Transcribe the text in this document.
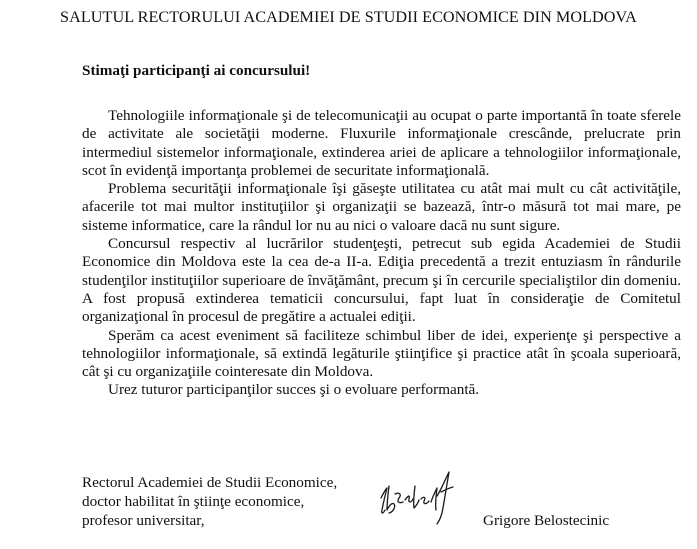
SALUTUL RECTORULUI ACADEMIEI DE STUDII ECONOMICE DIN MOLDOVA
Stimaţi participanţi ai concursului!

Tehnologiile informaţionale şi de telecomunicaţii au ocupat o parte importantă în toate sferele de activitate ale societăţii moderne. Fluxurile informaţionale crescânde, prelucrate prin intermediul sistemelor informaţionale, extinderea ariei de aplicare a tehnologiilor informaţionale, scot în evidenţă importanţa problemei de securitate informaţională.

Problema securităţii informaţionale îşi găseşte utilitatea cu atât mai mult cu cât activităţile, afacerile tot mai multor instituţiilor şi organizaţii se bazează, într-o măsură tot mai mare, pe sisteme informatice, care la rândul lor nu au nici o valoare dacă nu sunt sigure.

Concursul respectiv al lucrărilor studenţeşti, petrecut sub egida Academiei de Studii Economice din Moldova este la cea de-a II-a. Ediţia precedentă a trezit entuziasm în rândurile studenţilor instituţiilor superioare de învăţământ, precum şi în cercurile specialiştilor din domeniu. A fost propusă extinderea tematicii concursului, fapt luat în consideraţie de Comitetul organizaţional în procesul de pregătire a actualei ediţii.

Sperăm ca acest eveniment să faciliteze schimbul liber de idei, experienţe şi perspective a tehnologiilor informaţionale, să extindă legăturile ştiinţifice şi practice atât în şcoala superioară, cât şi cu organizaţiile cointeresate din Moldova.

Urez tuturor participanţilor succes şi o evoluare performantă.

Rectorul Academiei de Studii Economice,
doctor habilitat în ştiinţe economice,
profesor universitar,	Grigore Belostecinic
